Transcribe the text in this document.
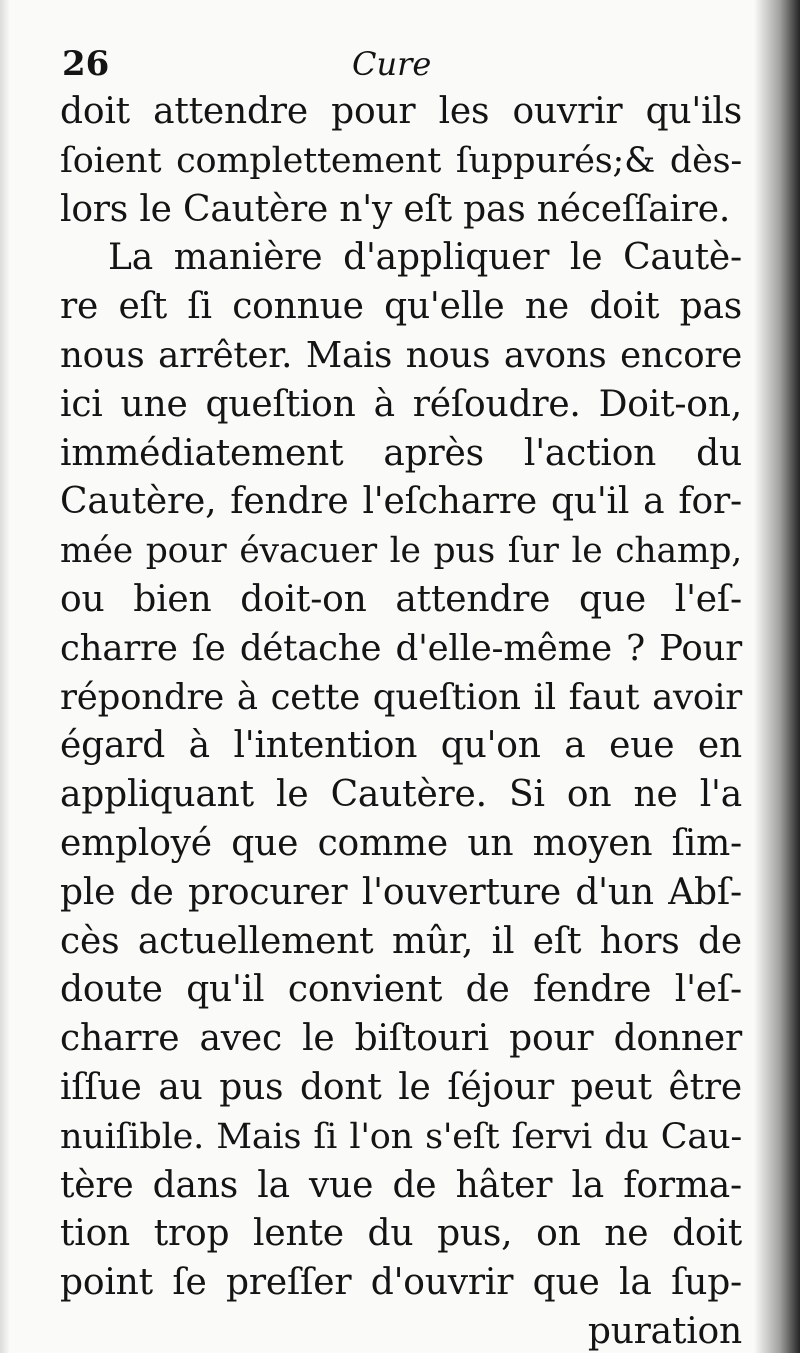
26	Cure
doit attendre pour les ouvrir qu'ils
ſoient complettement ſuppurés;& dès-
lors le Cautère n'y eſt pas néceſſaire.
La manière d'appliquer le Cautè-
re eſt ſi connue qu'elle ne doit pas
nous arrêter. Mais nous avons encore
ici une queſtion à réſoudre. Doit-on,
immédiatement après l'action du
Cautère, fendre l'eſcharre qu'il a for-
mée pour évacuer le pus ſur le champ,
ou bien doit-on attendre que l'eſ-
charre ſe détache d'elle-même ? Pour
répondre à cette queſtion il faut avoir
égard à l'intention qu'on a eue en
appliquant le Cautère. Si on ne l'a
employé que comme un moyen ſim-
ple de procurer l'ouverture d'un Abſ-
cès actuellement mûr, il eſt hors de
doute qu'il convient de fendre l'eſ-
charre avec le biſtouri pour donner
iſſue au pus dont le ſéjour peut être
nuiſible. Mais ſi l'on s'eſt ſervi du Cau-
tère dans la vue de hâter la forma-
tion trop lente du pus, on ne doit
point ſe preſſer d'ouvrir que la ſup-
puration
